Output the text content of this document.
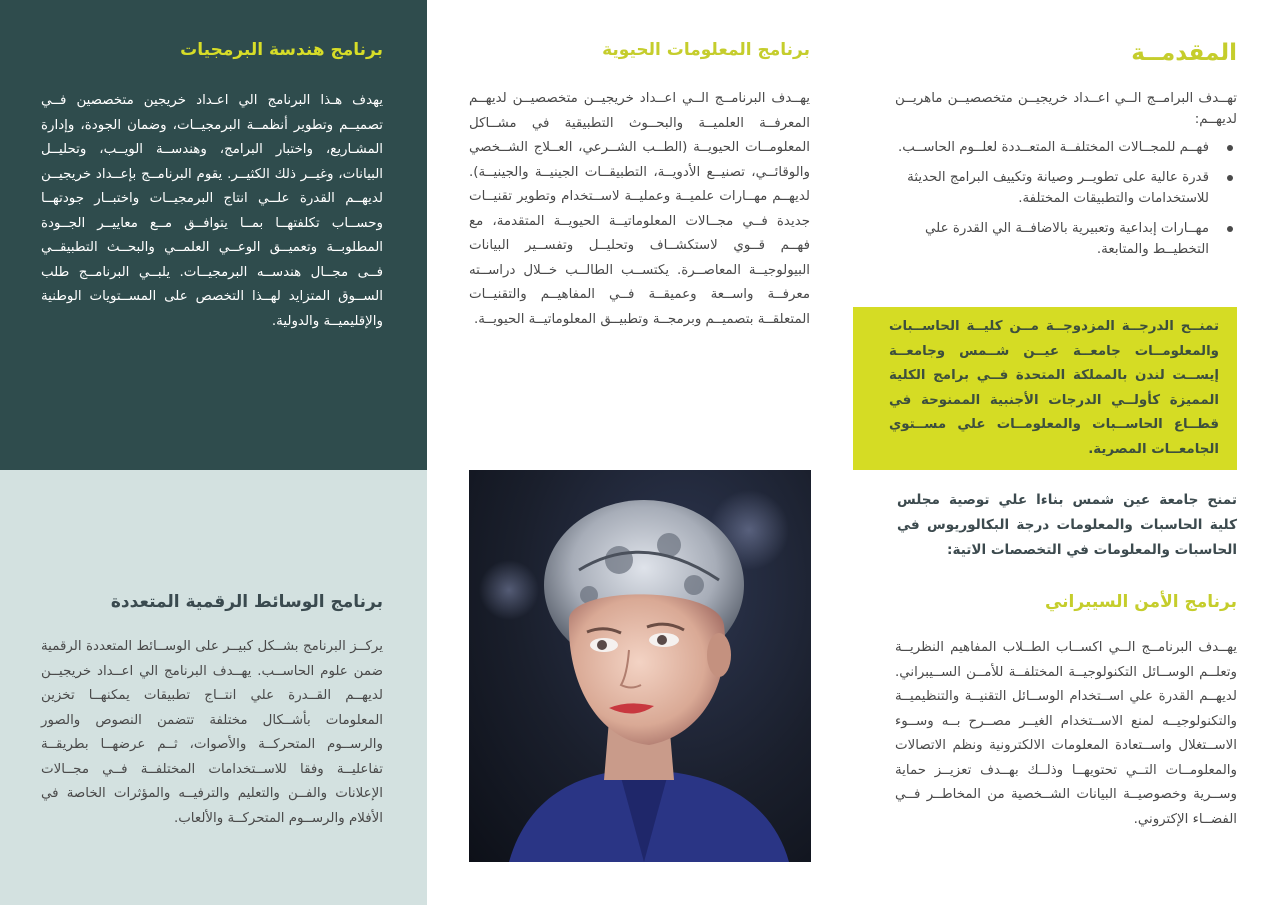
برنامج هندسة البرمجيات

يهدف هـذا البرنامج الي اعـداد خريجين متخصصين فــي تصميــم وتطوير أنظمــة البرمجيــات، وضمان الجودة، وإدارة المشـاريع، واختبار البرامج، وهندســة الويــب، وتحليــل البيانات، وغيــر ذلك الكثيــر. يقوم البرنامــج بإعــداد خريجيــن لديهــم القدرة علــي انتاج البرمجيــات واختبــار جودتهــا وحســاب تكلفتهــا بمــا يتوافــق مــع معاييــر الجــودة المطلوبــة وتعميــق الوعــي العلمــي والبحــث التطبيقــي فــى مجــال هندســه البرمجيــات. يلبــي البرنامــج طلب الســوق المتزايد لهــذا التخصص على المســتويات الوطنية والإقليميــة والدولية.

برنامج المعلومات الحيوية

يهــدف البرنامــج الــي اعــداد خريجيــن متخصصيــن لديهــم المعرفــة العلميــة والبحــوث التطبيقية في مشــاكل المعلومــات الحيويــة (الطــب الشــرعي، العــلاج الشــخصي والوقائــي، تصنيــع الأدويــة، التطبيقــات الجينيــة والجينيــة). لديهــم مهــارات علميــة وعمليــة لاســتخدام وتطوير تقنيــات جديدة فــي مجــالات المعلوماتيــة الحيويــة المتقدمة، مع فهــم قــوي لاستكشــاف وتحليــل وتفســير البيانات البيولوجيــة المعاصــرة. يكتســب الطالــب خــلال دراســته معرفــة واســعة وعميقــة فــي المفاهيــم والتقنيــات المتعلقــة بتصميــم وبرمجــة وتطبيــق المعلوماتيــة الحيويــة.

المقدمــة

تهــدف البرامــج الــي اعــداد خريجيــن متخصصيــن ماهريــن لديهــم:

فهــم للمجــالات المختلفــة المتعــددة لعلــوم الحاســب.
قدرة عالية على تطويــر وصيانة وتكييف البرامج الحديثة للاستخدامات والتطبيقات المختلفة.
مهــارات إبداعية وتعبيرية بالاضافــة الي القدرة علي التخطيــط والمتابعة.

تمنــح الدرجــة المزدوجــة مــن كليــة الحاســبات والمعلومــات جامعــة عيــن شــمس وجامعــة إيســت لندن بالمملكة المتحدة فــي برامج الكلية المميزة كأولــي الدرجات الأجنبية الممنوحة في قطــاع الحاســبات والمعلومــات علي مســتوي الجامعــات المصرية.

تمنح جامعة عين شمس بناءا علي توصية مجلس كلية الحاسبات والمعلومات درجة البكالوريوس في الحاسبات والمعلومات في التخصصات الاتية:

برنامج الأمن السيبراني

يهــدف البرنامــج الــي اكســاب الطــلاب المفاهيم النظريــة وتعلــم الوســائل التكنولوجيــة المختلفــة للأمــن الســيبراني. لديهــم القدرة علي اســتخدام الوســائل التقنيــة والتنظيميــة والتكنولوجيــه لمنع الاســتخدام الغيــر مصــرح بــه وســوء الاســتغلال واســتعادة المعلومات الالكترونية ونظم الاتصالات والمعلومــات التــي تحتويهــا وذلــك بهــدف تعزيــز حماية وســرية وخصوصيــة البيانات الشــخصية من المخاطــر فــي الفضــاء الإكتروني.

برنامج الوسائط الرقمية المتعددة

يركــز البرنامج بشــكل كبيــر على الوســائط المتعددة الرقمية ضمن علوم الحاســب. يهــدف البرنامج الي اعــداد خريجيــن لديهــم القــدرة علي انتــاج تطبيقات يمكنهــا تخزين المعلومات بأشــكال مختلفة تتضمن النصوص والصور والرســوم المتحركــة والأصوات، ثــم عرضهــا بطريقــة تفاعليــة وفقا للاســتخدامات المختلفــة فــي مجــالات الإعلانات والفــن والتعليم والترفيــه والمؤثرات الخاصة في الأفلام والرســوم المتحركــة والألعاب.
